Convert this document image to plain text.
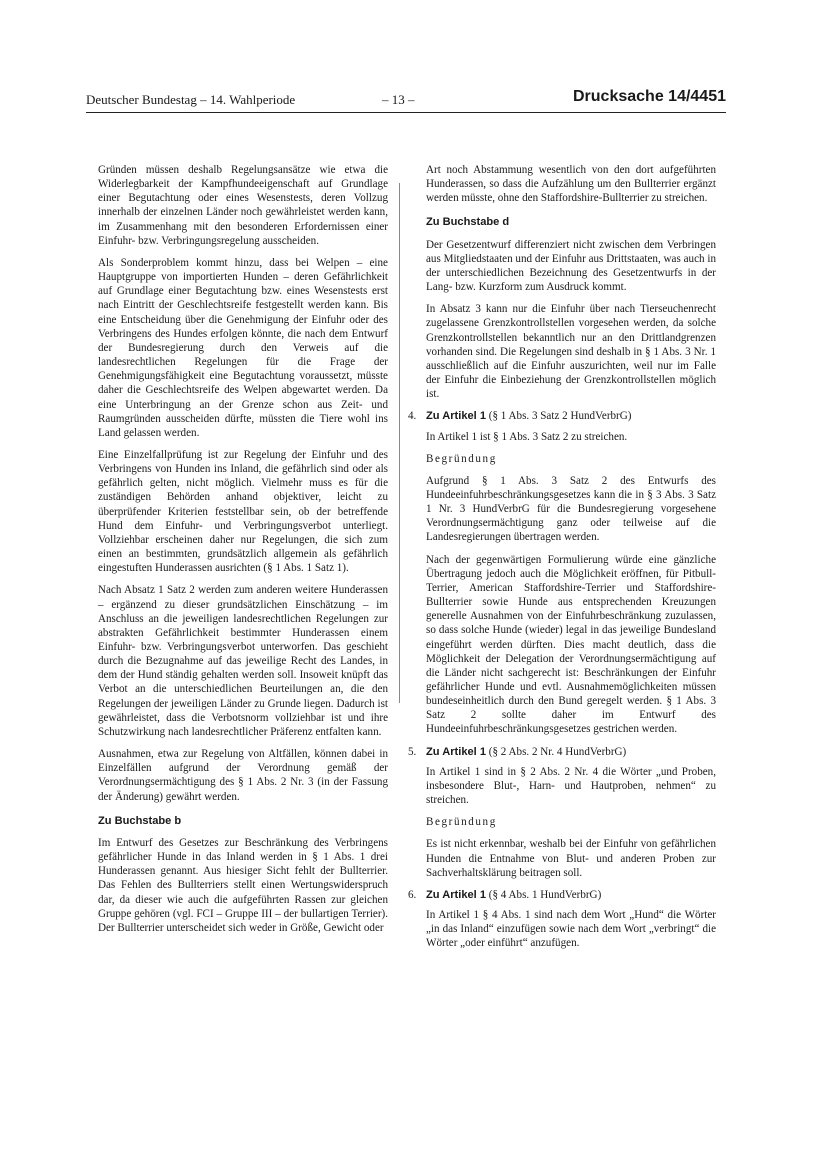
Deutscher Bundestag – 14. Wahlperiode	– 13 –	Drucksache 14/4451

Gründen müssen deshalb Regelungsansätze wie etwa die Widerlegbarkeit der Kampfhundeeigenschaft auf Grundlage einer Begutachtung oder eines Wesenstests, deren Vollzug innerhalb der einzelnen Länder noch gewährleistet werden kann, im Zusammenhang mit den besonderen Erfordernissen einer Einfuhr- bzw. Verbringungsregelung ausscheiden.

Als Sonderproblem kommt hinzu, dass bei Welpen – eine Hauptgruppe von importierten Hunden – deren Gefährlichkeit auf Grundlage einer Begutachtung bzw. eines Wesenstests erst nach Eintritt der Geschlechtsreife festgestellt werden kann. Bis eine Entscheidung über die Genehmigung der Einfuhr oder des Verbringens des Hundes erfolgen könnte, die nach dem Entwurf der Bundesregierung durch den Verweis auf die landesrechtlichen Regelungen für die Frage der Genehmigungsfähigkeit eine Begutachtung voraussetzt, müsste daher die Geschlechtsreife des Welpen abgewartet werden. Da eine Unterbringung an der Grenze schon aus Zeit- und Raumgründen ausscheiden dürfte, müssten die Tiere wohl ins Land gelassen werden.

Eine Einzelfallprüfung ist zur Regelung der Einfuhr und des Verbringens von Hunden ins Inland, die gefährlich sind oder als gefährlich gelten, nicht möglich. Vielmehr muss es für die zuständigen Behörden anhand objektiver, leicht zu überprüfender Kriterien feststellbar sein, ob der betreffende Hund dem Einfuhr- und Verbringungsverbot unterliegt. Vollziehbar erscheinen daher nur Regelungen, die sich zum einen an bestimmten, grundsätzlich allgemein als gefährlich eingestuften Hunderassen ausrichten (§ 1 Abs. 1 Satz 1).

Nach Absatz 1 Satz 2 werden zum anderen weitere Hunderassen – ergänzend zu dieser grundsätzlichen Einschätzung – im Anschluss an die jeweiligen landesrechtlichen Regelungen zur abstrakten Gefährlichkeit bestimmter Hunderassen einem Einfuhr- bzw. Verbringungsverbot unterworfen. Das geschieht durch die Bezugnahme auf das jeweilige Recht des Landes, in dem der Hund ständig gehalten werden soll. Insoweit knüpft das Verbot an die unterschiedlichen Beurteilungen an, die den Regelungen der jeweiligen Länder zu Grunde liegen. Dadurch ist gewährleistet, dass die Verbotsnorm vollziehbar ist und ihre Schutzwirkung nach landesrechtlicher Präferenz entfalten kann.

Ausnahmen, etwa zur Regelung von Altfällen, können dabei in Einzelfällen aufgrund der Verordnung gemäß der Verordnungsermächtigung des § 1 Abs. 2 Nr. 3 (in der Fassung der Änderung) gewährt werden.

Zu Buchstabe b

Im Entwurf des Gesetzes zur Beschränkung des Verbringens gefährlicher Hunde in das Inland werden in § 1 Abs. 1 drei Hunderassen genannt. Aus hiesiger Sicht fehlt der Bullterrier. Das Fehlen des Bullterriers stellt einen Wertungswiderspruch dar, da dieser wie auch die aufgeführten Rassen zur gleichen Gruppe gehören (vgl. FCI – Gruppe III – der bullartigen Terrier). Der Bullterrier unterscheidet sich weder in Größe, Gewicht oder

Art noch Abstammung wesentlich von den dort aufgeführten Hunderassen, so dass die Aufzählung um den Bullterrier ergänzt werden müsste, ohne den Staffordshire-Bullterrier zu streichen.

Zu Buchstabe d

Der Gesetzentwurf differenziert nicht zwischen dem Verbringen aus Mitgliedstaaten und der Einfuhr aus Drittstaaten, was auch in der unterschiedlichen Bezeichnung des Gesetzentwurfs in der Lang- bzw. Kurzform zum Ausdruck kommt.

In Absatz 3 kann nur die Einfuhr über nach Tierseuchenrecht zugelassene Grenzkontrollstellen vorgesehen werden, da solche Grenzkontrollstellen bekanntlich nur an den Drittlandgrenzen vorhanden sind. Die Regelungen sind deshalb in § 1 Abs. 3 Nr. 1 ausschließlich auf die Einfuhr auszurichten, weil nur im Falle der Einfuhr die Einbeziehung der Grenzkontrollstellen möglich ist.

4. Zu Artikel 1 (§ 1 Abs. 3 Satz 2 HundVerbrG)

In Artikel 1 ist § 1 Abs. 3 Satz 2 zu streichen.

Begründung

Aufgrund § 1 Abs. 3 Satz 2 des Entwurfs des Hundeeinfuhrbeschränkungsgesetzes kann die in § 3 Abs. 3 Satz 1 Nr. 3 HundVerbrG für die Bundesregierung vorgesehene Verordnungsermächtigung ganz oder teilweise auf die Landesregierungen übertragen werden.

Nach der gegenwärtigen Formulierung würde eine gänzliche Übertragung jedoch auch die Möglichkeit eröffnen, für Pitbull-Terrier, American Staffordshire-Terrier und Staffordshire-Bullterrier sowie Hunde aus entsprechenden Kreuzungen generelle Ausnahmen von der Einfuhrbeschränkung zuzulassen, so dass solche Hunde (wieder) legal in das jeweilige Bundesland eingeführt werden dürften. Dies macht deutlich, dass die Möglichkeit der Delegation der Verordnungsermächtigung auf die Länder nicht sachgerecht ist: Beschränkungen der Einfuhr gefährlicher Hunde und evtl. Ausnahmemöglichkeiten müssen bundeseinheitlich durch den Bund geregelt werden. § 1 Abs. 3 Satz 2 sollte daher im Entwurf des Hundeeinfuhrbeschränkungsgesetzes gestrichen werden.

5. Zu Artikel 1 (§ 2 Abs. 2 Nr. 4 HundVerbrG)

In Artikel 1 sind in § 2 Abs. 2 Nr. 4 die Wörter „und Proben, insbesondere Blut-, Harn- und Hautproben, nehmen“ zu streichen.

Begründung

Es ist nicht erkennbar, weshalb bei der Einfuhr von gefährlichen Hunden die Entnahme von Blut- und anderen Proben zur Sachverhaltsklärung beitragen soll.

6. Zu Artikel 1 (§ 4 Abs. 1 HundVerbrG)

In Artikel 1 § 4 Abs. 1 sind nach dem Wort „Hund“ die Wörter „in das Inland“ einzufügen sowie nach dem Wort „verbringt“ die Wörter „oder einführt“ anzufügen.
